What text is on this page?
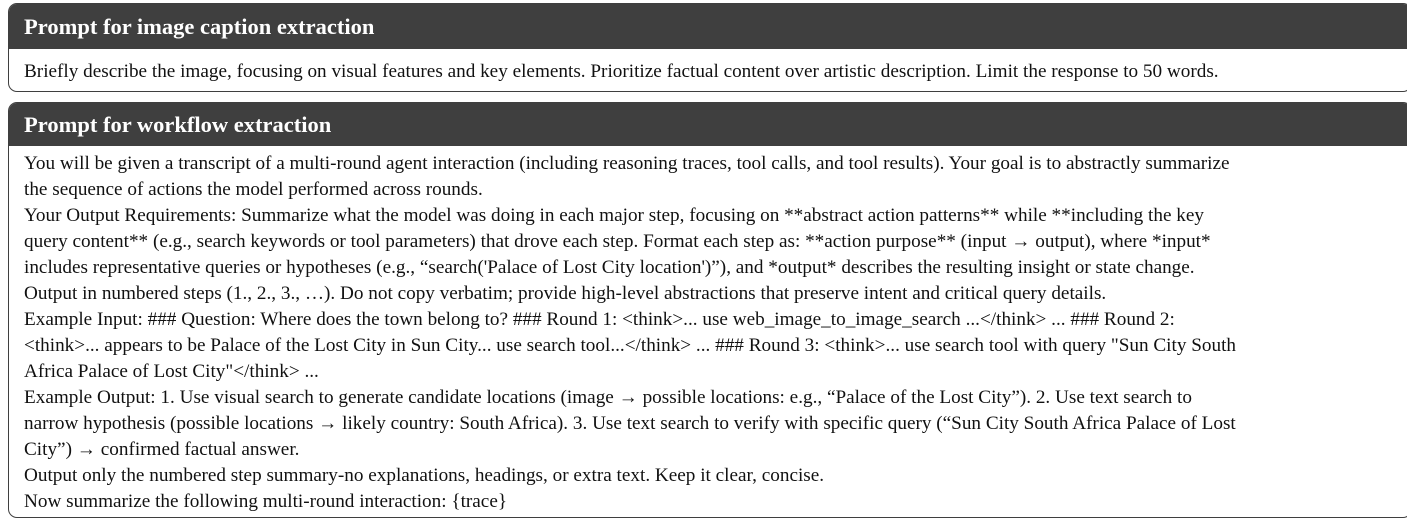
Prompt for image caption extraction
Briefly describe the image, focusing on visual features and key elements. Prioritize factual content over artistic description. Limit the response to 50 words.
Prompt for workflow extraction
You will be given a transcript of a multi-round agent interaction (including reasoning traces, tool calls, and tool results). Your goal is to abstractly summarize
the sequence of actions the model performed across rounds.
Your Output Requirements: Summarize what the model was doing in each major step, focusing on **abstract action patterns** while **including the key
query content** (e.g., search keywords or tool parameters) that drove each step. Format each step as: **action purpose** (input → output), where *input*
includes representative queries or hypotheses (e.g., “search('Palace of Lost City location')”), and *output* describes the resulting insight or state change.
Output in numbered steps (1., 2., 3., …). Do not copy verbatim; provide high-level abstractions that preserve intent and critical query details.
Example Input: ### Question: Where does the town belong to? ### Round 1: <think>... use web_image_to_image_search ...</think> ... ### Round 2:
<think>... appears to be Palace of the Lost City in Sun City... use search tool...</think> ... ### Round 3: <think>... use search tool with query "Sun City South
Africa Palace of Lost City"</think> ...
Example Output: 1. Use visual search to generate candidate locations (image → possible locations: e.g., “Palace of the Lost City”). 2. Use text search to
narrow hypothesis (possible locations → likely country: South Africa). 3. Use text search to verify with specific query (“Sun City South Africa Palace of Lost
City”) → confirmed factual answer.
Output only the numbered step summary-no explanations, headings, or extra text. Keep it clear, concise.
Now summarize the following multi-round interaction: {trace}
